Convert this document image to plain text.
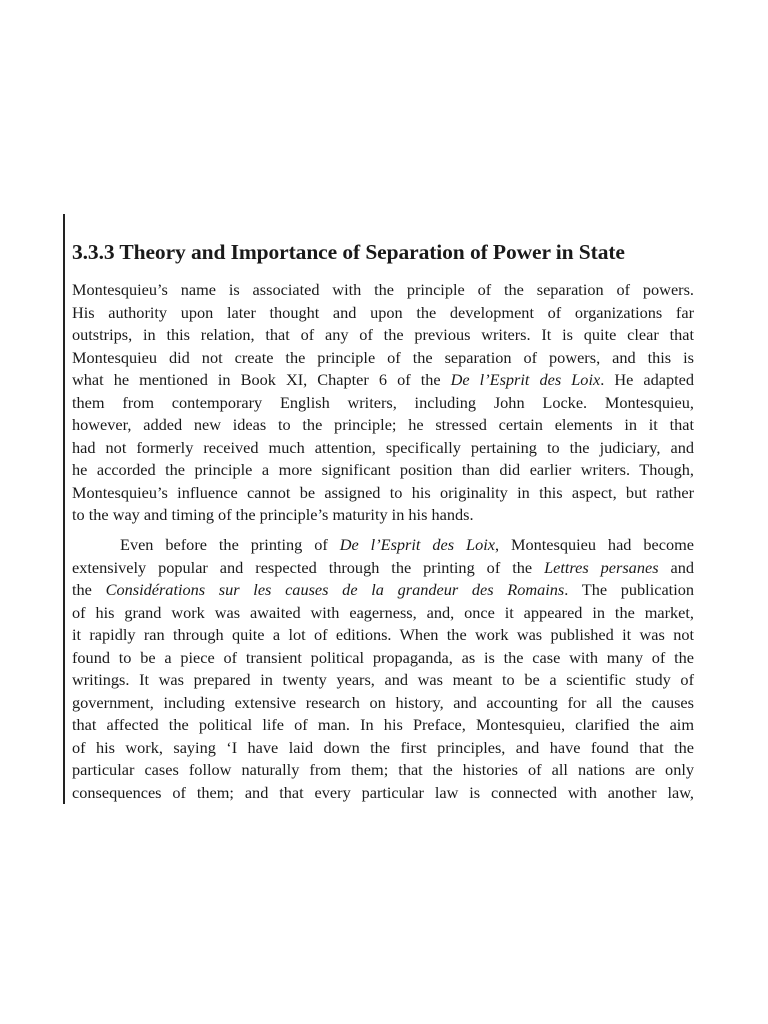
3.3.3 Theory and Importance of Separation of Power in State
Montesquieu’s name is associated with the principle of the separation of powers.
His authority upon later thought and upon the development of organizations far
outstrips, in this relation, that of any of the previous writers. It is quite clear that
Montesquieu did not create the principle of the separation of powers, and this is
what he mentioned in Book XI, Chapter 6 of the De l’Esprit des Loix. He adapted
them from contemporary English writers, including John Locke. Montesquieu,
however, added new ideas to the principle; he stressed certain elements in it that
had not formerly received much attention, specifically pertaining to the judiciary, and
he accorded the principle a more significant position than did earlier writers. Though,
Montesquieu’s influence cannot be assigned to his originality in this aspect, but rather
to the way and timing of the principle’s maturity in his hands.
Even before the printing of De l’Esprit des Loix, Montesquieu had become
extensively popular and respected through the printing of the Lettres persanes and
the Considérations sur les causes de la grandeur des Romains. The publication
of his grand work was awaited with eagerness, and, once it appeared in the market,
it rapidly ran through quite a lot of editions. When the work was published it was not
found to be a piece of transient political propaganda, as is the case with many of the
writings. It was prepared in twenty years, and was meant to be a scientific study of
government, including extensive research on history, and accounting for all the causes
that affected the political life of man. In his Preface, Montesquieu, clarified the aim
of his work, saying ‘I have laid down the first principles, and have found that the
particular cases follow naturally from them; that the histories of all nations are only
consequences of them; and that every particular law is connected with another law,
